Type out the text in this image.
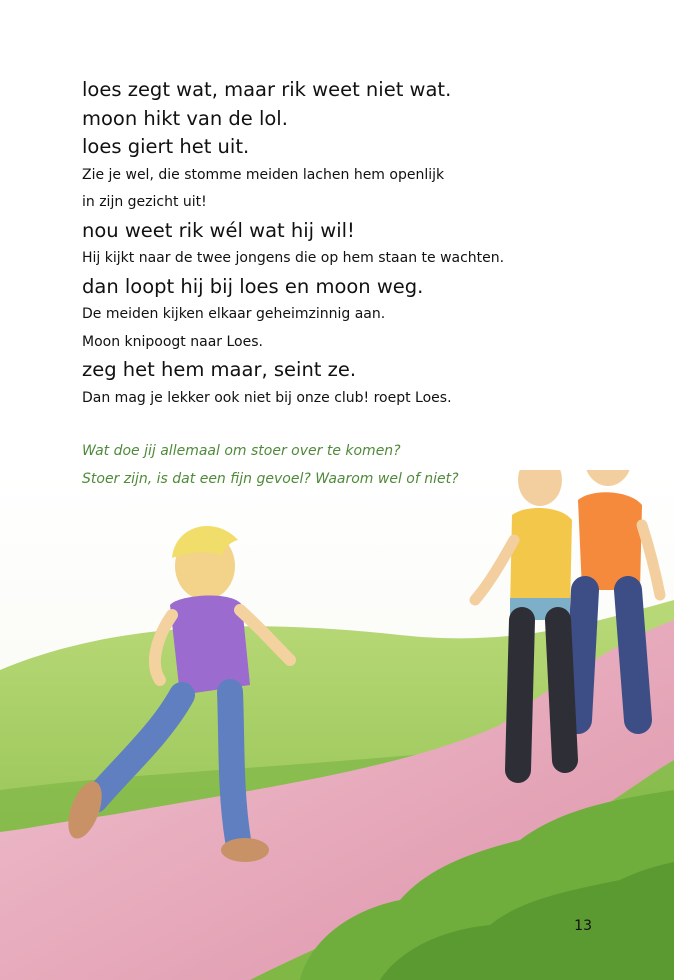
loes zegt wat, maar rik weet niet wat.

moon hikt van de lol.

loes giert het uit.

Zie je wel, die stomme meiden lachen hem openlijk

in zijn gezicht uit!

nou weet rik wél wat hij wil!

Hij kijkt naar de twee jongens die op hem staan te wachten.

dan loopt hij bij loes en moon weg.

De meiden kijken elkaar geheimzinnig aan.

Moon knipoogt naar Loes.

zeg het hem maar, seint ze.

Dan mag je lekker ook niet bij onze club! roept Loes.

Wat doe jij allemaal om stoer over te komen?

Stoer zijn, is dat een fijn gevoel? Waarom wel of niet?

13
